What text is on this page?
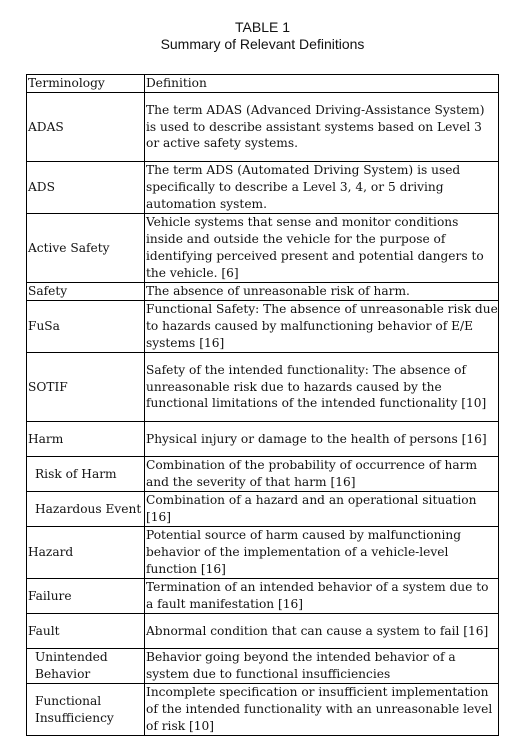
TABLE 1
Summary of Relevant Definitions
Terminology	Definition
ADAS	The term ADAS (Advanced Driving-Assistance System) is used to describe assistant systems based on Level 3 or active safety systems.
ADS	The term ADS (Automated Driving System) is used specifically to describe a Level 3, 4, or 5 driving automation system.
Active Safety	Vehicle systems that sense and monitor conditions inside and outside the vehicle for the purpose of identifying perceived present and potential dangers to the vehicle. [6]
Safety	The absence of unreasonable risk of harm.
FuSa	Functional Safety: The absence of unreasonable risk due to hazards caused by malfunctioning behavior of E/E systems [16]
SOTIF	Safety of the intended functionality: The absence of unreasonable risk due to hazards caused by the functional limitations of the intended functionality [10]
Harm	Physical injury or damage to the health of persons [16]
Risk of Harm	Combination of the probability of occurrence of harm and the severity of that harm [16]
Hazardous Event	Combination of a hazard and an operational situation [16]
Hazard	Potential source of harm caused by malfunctioning behavior of the implementation of a vehicle-level function [16]
Failure	Termination of an intended behavior of a system due to a fault manifestation [16]
Fault	Abnormal condition that can cause a system to fail [16]
Unintended Behavior	Behavior going beyond the intended behavior of a system due to functional insufficiencies
Functional Insufficiency	Incomplete specification or insufficient implementation of the intended functionality with an unreasonable level of risk [10]
